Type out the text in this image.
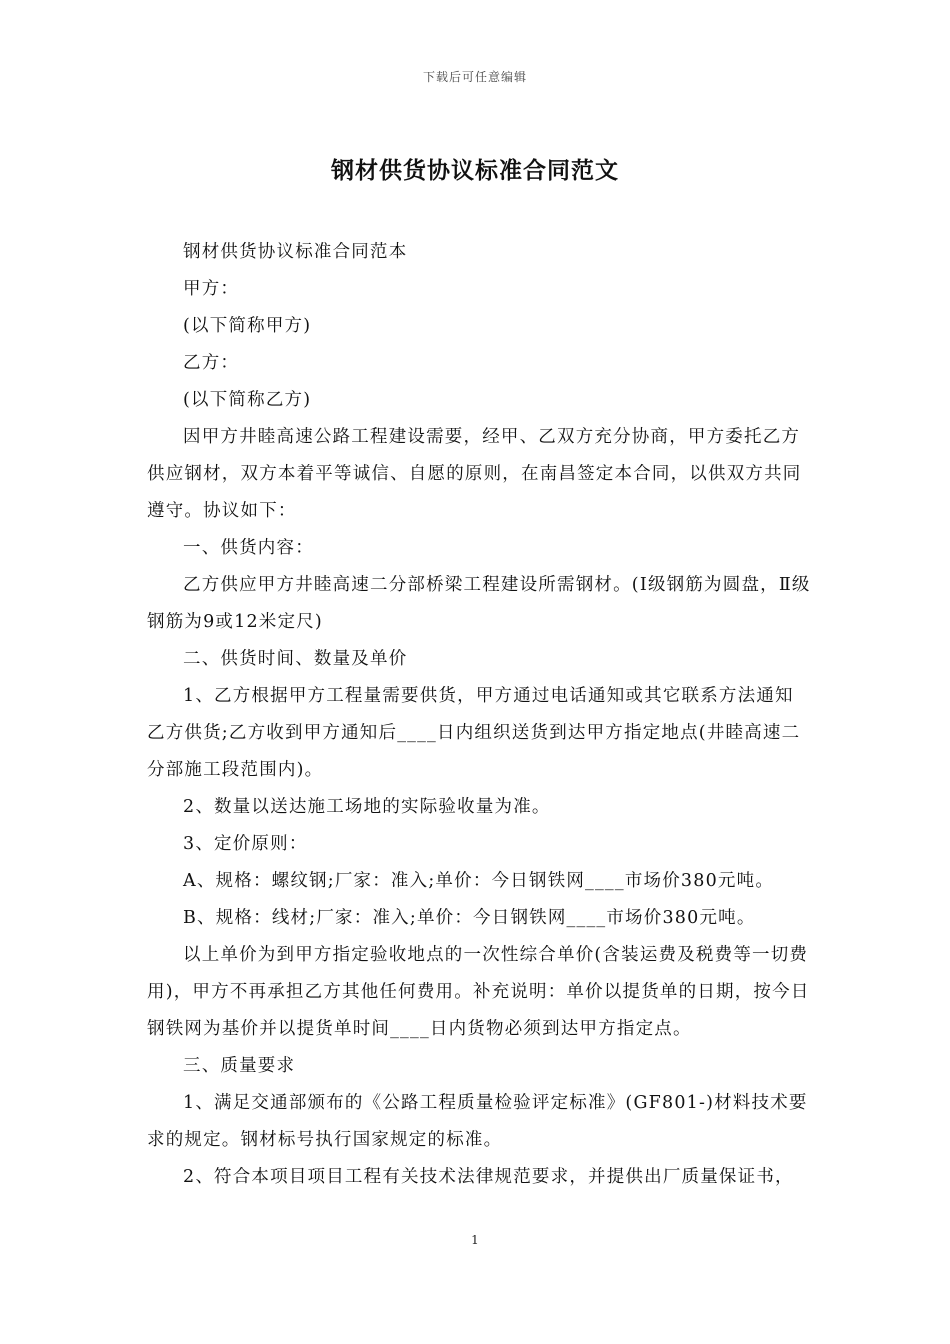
下载后可任意编辑
钢材供货协议标准合同范文

钢材供货协议标准合同范本

甲方：

(以下简称甲方)

乙方：

(以下简称乙方)

因甲方井睦高速公路工程建设需要，经甲、乙双方充分协商，甲方委托乙方供应钢材，双方本着平等诚信、自愿的原则，在南昌签定本合同，以供双方共同遵守。协议如下：

一、供货内容：

乙方供应甲方井睦高速二分部桥梁工程建设所需钢材。(Ⅰ级钢筋为圆盘，Ⅱ级钢筋为9或12米定尺)

二、供货时间、数量及单价

1、乙方根据甲方工程量需要供货，甲方通过电话通知或其它联系方法通知乙方供货;乙方收到甲方通知后____日内组织送货到达甲方指定地点(井睦高速二分部施工段范围内)。

2、数量以送达施工场地的实际验收量为准。

3、定价原则：

A、规格：螺纹钢;厂家：准入;单价：今日钢铁网____市场价380元吨。

B、规格：线材;厂家：准入;单价：今日钢铁网____市场价380元吨。

以上单价为到甲方指定验收地点的一次性综合单价(含装运费及税费等一切费用)，甲方不再承担乙方其他任何费用。补充说明：单价以提货单的日期，按今日钢铁网为基价并以提货单时间____日内货物必须到达甲方指定点。

三、质量要求

1、满足交通部颁布的《公路工程质量检验评定标准》(GF801-)材料技术要求的规定。钢材标号执行国家规定的标准。

2、符合本项目项目工程有关技术法律规范要求，并提供出厂质量保证书，

1
